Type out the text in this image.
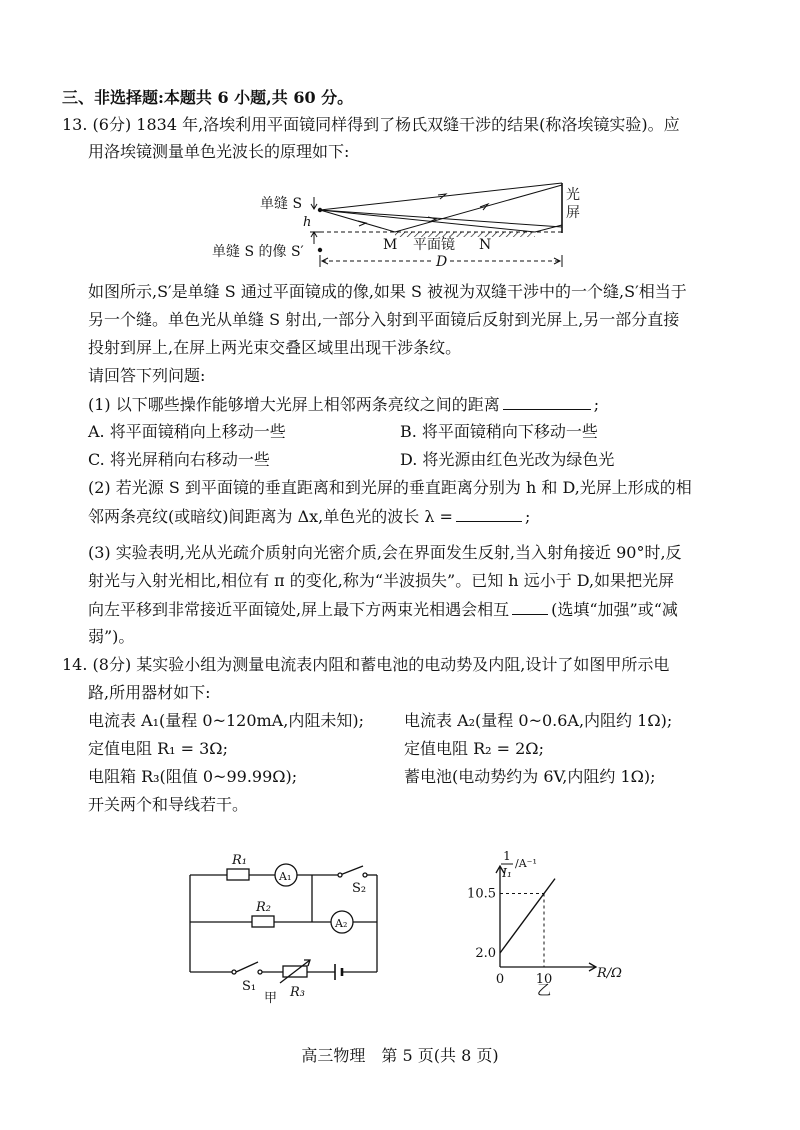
三、非选择题:本题共 6 小题,共 60 分。
13. (6分) 1834 年,洛埃利用平面镜同样得到了杨氏双缝干涉的结果(称洛埃镜实验)。应
用洛埃镜测量单色光波长的原理如下:
单缝 S
h
单缝 S 的像 S′	M 平面镜 N
光
屏
D
如图所示,S′是单缝 S 通过平面镜成的像,如果 S 被视为双缝干涉中的一个缝,S′相当于
另一个缝。单色光从单缝 S 射出,一部分入射到平面镜后反射到光屏上,另一部分直接
投射到屏上,在屏上两光束交叠区域里出现干涉条纹。
请回答下列问题:
(1) 以下哪些操作能够增大光屏上相邻两条亮纹之间的距离	;
A. 将平面镜稍向上移动一些	B. 将平面镜稍向下移动一些
C. 将光屏稍向右移动一些	D. 将光源由红色光改为绿色光
(2) 若光源 S 到平面镜的垂直距离和到光屏的垂直距离分别为 h 和 D,光屏上形成的相
邻两条亮纹(或暗纹)间距离为 Δx,单色光的波长 λ =	;
(3) 实验表明,光从光疏介质射向光密介质,会在界面发生反射,当入射角接近 90°时,反
射光与入射光相比,相位有 π 的变化,称为“半波损失”。已知 h 远小于 D,如果把光屏
向左平移到非常接近平面镜处,屏上最下方两束光相遇会相互	(选填“加强”或“减
弱”)。
14. (8分) 某实验小组为测量电流表内阻和蓄电池的电动势及内阻,设计了如图甲所示电
路,所用器材如下:
电流表 A₁(量程 0~120mA,内阻未知);	电流表 A₂(量程 0~0.6A,内阻约 1Ω);
定值电阻 R₁ = 3Ω;	定值电阻 R₂ = 2Ω;
电阻箱 R₃(阻值 0~99.99Ω);	蓄电池(电动势约为 6V,内阻约 1Ω);
开关两个和导线若干。
R₁
A₁
S₂
R₂
A₂
S₁	R₃
甲
2.0
10.5
0 10
1
I₁
/A⁻¹
R/Ω
乙
高三物理　第 5 页(共 8 页)
